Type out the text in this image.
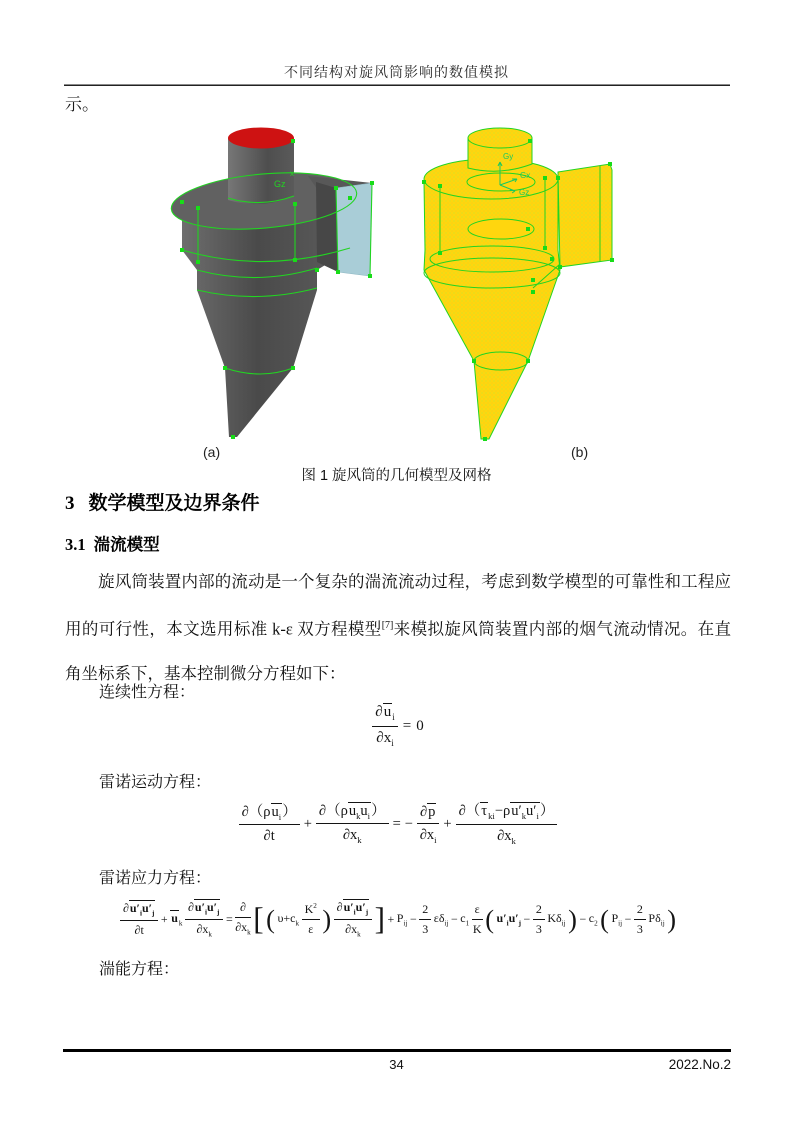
不同结构对旋风筒影响的数值模拟
示。
x
Gz
Gy
Gx
Gz
(a)	(b)
图 1 旋风筒的几何模型及网格
3 数学模型及边界条件
3.1 湍流模型
旋风筒装置内部的流动是一个复杂的湍流流动过程，考虑到数学模型的可靠性和工程应用的可行性，本文选用标准 k-ε 双方程模型[7]来模拟旋风筒装置内部的烟气流动情况。在直角坐标系下，基本控制微分方程如下：
连续性方程：
雷诺运动方程：
雷诺应力方程：
湍能方程：
$\frac{\partial u_i}{\partial x_i} = 0$
$\partial(\rho u_i)$
∂t
+
$\partial(\rho u_ku_i)$
$\partial x_k$
= − $\frac{\partial p}{\partial x_i}$ +
$\partial(\tau_{ki}-\rho u'_ku'_i)$
$\partial x_k$
$\partial u'_iu'_j$
∂t
+ $u_k \frac{\partial u'_iu'_j}{\partial x_k}$ =
∂
$\partial x_k$ [ ( $\upsilon+c_k$
$K^2$
ε ) $\partial u'_iu'_j$
$\partial x_k$ ] + $P_{ij} - \frac{2}{3} \varepsilon\delta_{ij} - c_1$
ε
K ( $u'_iu'_j - \frac{2}{3} K\delta_{ij}$ ) − $c_2$ ( $P_{ij} - \frac{2}{3} P\delta_{ij}$ )
34	2022.No.2
